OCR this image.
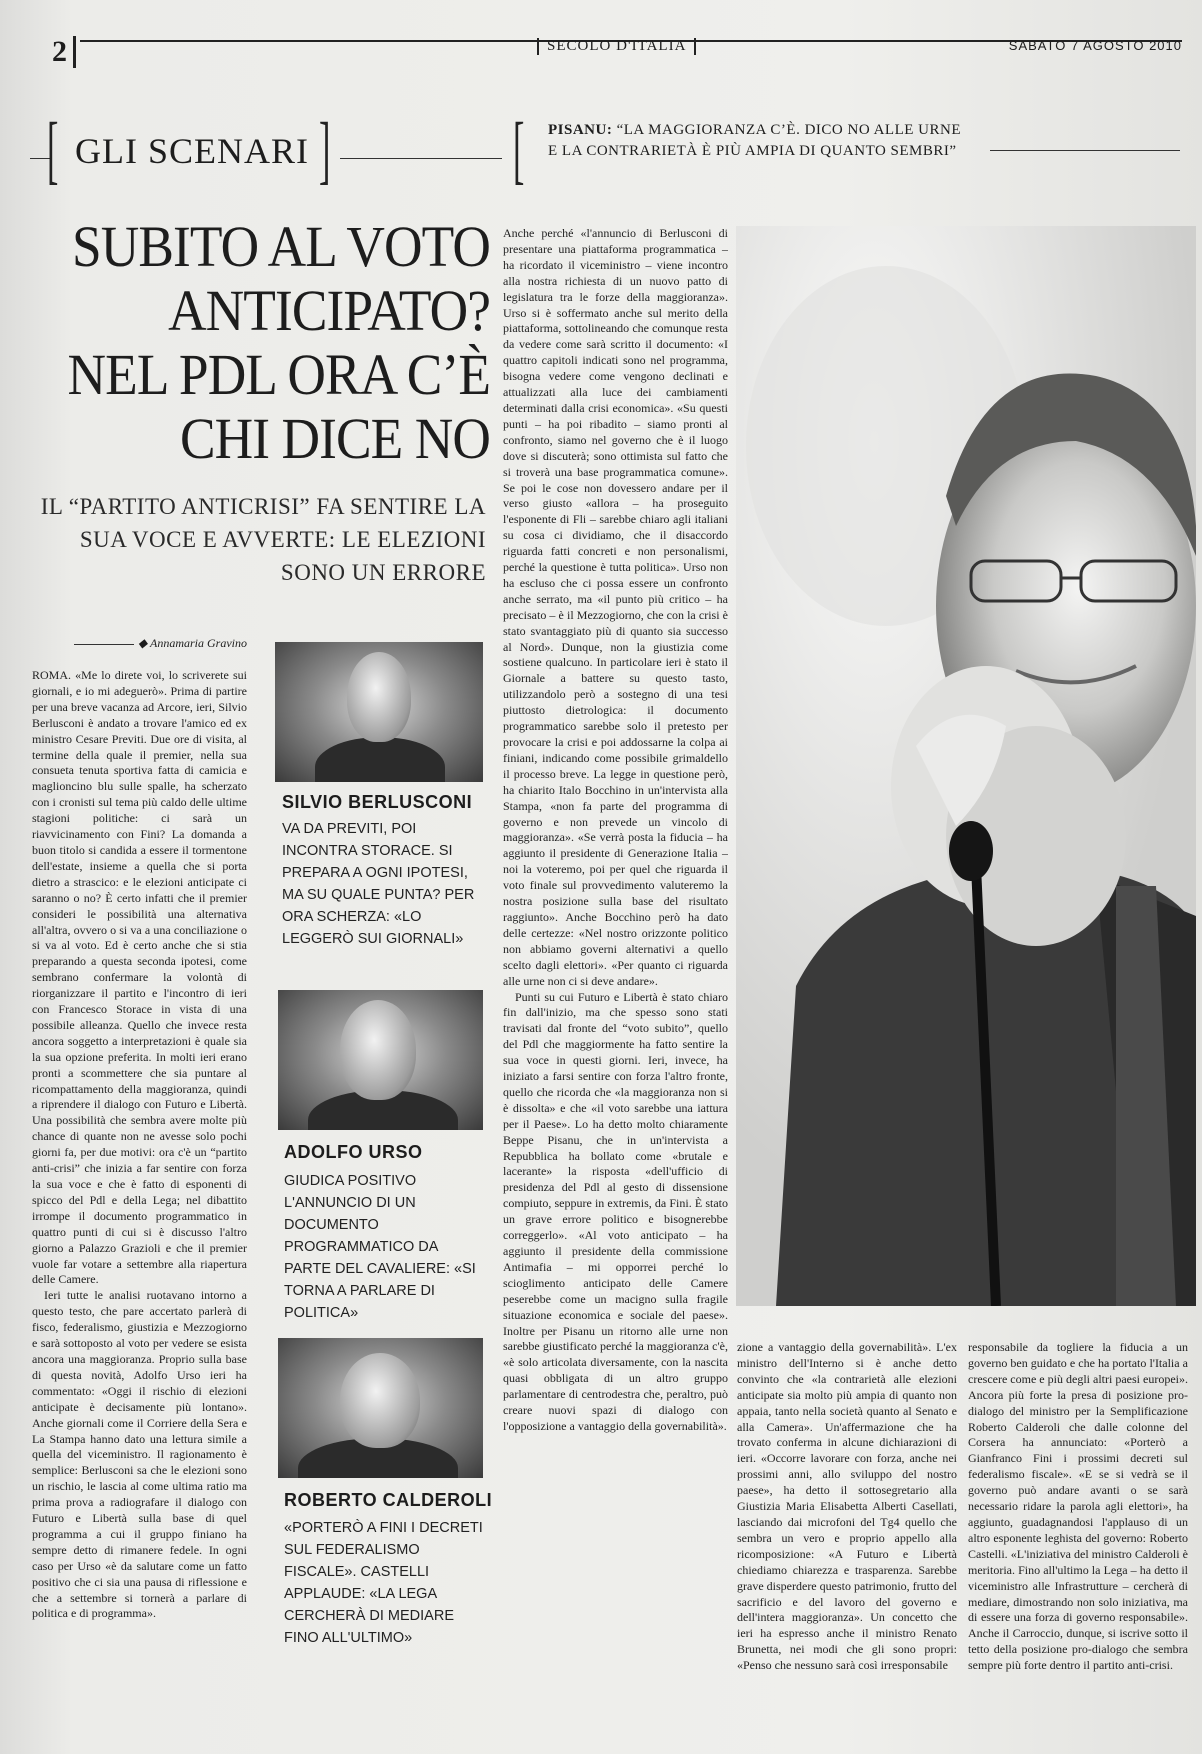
2	SECOLO D'ITALIA	SABATO 7 AGOSTO 2010
[ GLI SCENARI ] [ PISANU: “LA MAGGIORANZA C’È. DICO NO ALLE URNE
E LA CONTRARIETÀ È PIÙ AMPIA DI QUANTO SEMBRI”
SUBITO AL VOTO ANTICIPATO? NEL PDL ORA C’È CHI DICE NO
IL “PARTITO ANTICRISI” FA SENTIRE LA SUA VOCE E AVVERTE: LE ELEZIONI SONO UN ERRORE
◆ Annamaria Gravino

ROMA. «Me lo direte voi, lo scriverete sui giornali, e io mi adeguerò». Prima di partire per una breve vacanza ad Arcore, ieri, Silvio Berlusconi è andato a trovare l'amico ed ex ministro Cesare Previti. Due ore di visita, al termine della quale il premier, nella sua consueta tenuta sportiva fatta di camicia e maglioncino blu sulle spalle, ha scherzato con i cronisti sul tema più caldo delle ultime stagioni politiche: ci sarà un riavvicinamento con Fini? La domanda a buon titolo si candida a essere il tormentone dell'estate, insieme a quella che si porta dietro a strascico: e le elezioni anticipate ci saranno o no? È certo infatti che il premier consideri le possibilità una alternativa all'altra, ovvero o si va a una conciliazione o si va al voto. Ed è certo anche che si stia preparando a questa seconda ipotesi, come sembrano confermare la volontà di riorganizzare il partito e l'incontro di ieri con Francesco Storace in vista di una possibile alleanza. Quello che invece resta ancora soggetto a interpretazioni è quale sia la sua opzione preferita. In molti ieri erano pronti a scommettere che sia puntare al ricompattamento della maggioranza, quindi a riprendere il dialogo con Futuro e Libertà. Una possibilità che sembra avere molte più chance di quante non ne avesse solo pochi giorni fa, per due motivi: ora c'è un “partito anti-crisi” che inizia a far sentire con forza la sua voce e che è fatto di esponenti di spicco del Pdl e della Lega; nel dibattito irrompe il documento programmatico in quattro punti di cui si è discusso l'altro giorno a Palazzo Grazioli e che il premier vuole far votare a settembre alla riapertura delle Camere.

Ieri tutte le analisi ruotavano intorno a questo testo, che pare accertato parlerà di fisco, federalismo, giustizia e Mezzogiorno e sarà sottoposto al voto per vedere se esista ancora una maggioranza. Proprio sulla base di questa novità, Adolfo Urso ieri ha commentato: «Oggi il rischio di elezioni anticipate è decisamente più lontano». Anche giornali come il Corriere della Sera e La Stampa hanno dato una lettura simile a quella del viceministro. Il ragionamento è semplice: Berlusconi sa che le elezioni sono un rischio, le lascia al come ultima ratio ma prima prova a radiografare il dialogo con Futuro e Libertà sulla base di quel programma a cui il gruppo finiano ha sempre detto di rimanere fedele. In ogni caso per Urso «è da salutare come un fatto positivo che ci sia una pausa di riflessione e che a settembre si tornerà a parlare di politica e di programma».

SILVIO BERLUSCONI
VA DA PREVITI, POI INCONTRA STORACE. SI PREPARA A OGNI IPOTESI, MA SU QUALE PUNTA? PER ORA SCHERZA: «LO LEGGERÒ SUI GIORNALI»
ADOLFO URSO
GIUDICA POSITIVO L'ANNUNCIO DI UN DOCUMENTO PROGRAMMATICO DA PARTE DEL CAVALIERE: «SI TORNA A PARLARE DI POLITICA»
ROBERTO CALDEROLI
«PORTERÒ A FINI I DECRETI SUL FEDERALISMO FISCALE». CASTELLI APPLAUDE: «LA LEGA CERCHERÀ DI MEDIARE FINO ALL'ULTIMO»

Anche perché «l'annuncio di Berlusconi di presentare una piattaforma programmatica – ha ricordato il viceministro – viene incontro alla nostra richiesta di un nuovo patto di legislatura tra le forze della maggioranza». Urso si è soffermato anche sul merito della piattaforma, sottolineando che comunque resta da vedere come sarà scritto il documento: «I quattro capitoli indicati sono nel programma, bisogna vedere come vengono declinati e attualizzati alla luce dei cambiamenti determinati dalla crisi economica». «Su questi punti – ha poi ribadito – siamo pronti al confronto, siamo nel governo che è il luogo dove si discuterà; sono ottimista sul fatto che si troverà una base programmatica comune». Se poi le cose non dovessero andare per il verso giusto «allora – ha proseguito l'esponente di Fli – sarebbe chiaro agli italiani su cosa ci dividiamo, che il disaccordo riguarda fatti concreti e non personalismi, perché la questione è tutta politica». Urso non ha escluso che ci possa essere un confronto anche serrato, ma «il punto più critico – ha precisato – è il Mezzogiorno, che con la crisi è stato svantaggiato più di quanto sia successo al Nord». Dunque, non la giustizia come sostiene qualcuno. In particolare ieri è stato il Giornale a battere su questo tasto, utilizzandolo però a sostegno di una tesi piuttosto dietrologica: il documento programmatico sarebbe solo il pretesto per provocare la crisi e poi addossarne la colpa ai finiani, indicando come possibile grimaldello il processo breve. La legge in questione però, ha chiarito Italo Bocchino in un'intervista alla Stampa, «non fa parte del programma di governo e non prevede un vincolo di maggioranza». «Se verrà posta la fiducia – ha aggiunto il presidente di Generazione Italia – noi la voteremo, poi per quel che riguarda il voto finale sul provvedimento valuteremo la nostra posizione sulla base del risultato raggiunto». Anche Bocchino però ha dato delle certezze: «Nel nostro orizzonte politico non abbiamo governi alternativi a quello scelto dagli elettori». «Per quanto ci riguarda alle urne non ci si deve andare».

Punti su cui Futuro e Libertà è stato chiaro fin dall'inizio, ma che spesso sono stati travisati dal fronte del “voto subito”, quello del Pdl che maggiormente ha fatto sentire la sua voce in questi giorni. Ieri, invece, ha iniziato a farsi sentire con forza l'altro fronte, quello che ricorda che «la maggioranza non si è dissolta» e che «il voto sarebbe una iattura per il Paese». Lo ha detto molto chiaramente Beppe Pisanu, che in un'intervista a Repubblica ha bollato come «brutale e lacerante» la risposta «dell'ufficio di presidenza del Pdl al gesto di dissensione compiuto, seppure in extremis, da Fini. È stato un grave errore politico e bisognerebbe correggerlo». «Al voto anticipato – ha aggiunto il presidente della commissione Antimafia – mi opporrei perché lo scioglimento anticipato delle Camere peserebbe come un macigno sulla fragile situazione economica e sociale del paese». Inoltre per Pisanu un ritorno alle urne non sarebbe giustificato perché la maggioranza c'è, «è solo articolata diversamente, con la nascita quasi obbligata di un altro gruppo parlamentare di centrodestra che, peraltro, può creare nuovi spazi di dialogo con l'opposizione a vantaggio della governabilità».

zione a vantaggio della governabilità». L'ex ministro dell'Interno si è anche detto convinto che «la contrarietà alle elezioni anticipate sia molto più ampia di quanto non appaia, tanto nella società quanto al Senato e alla Camera». Un'affermazione che ha trovato conferma in alcune dichiarazioni di ieri. «Occorre lavorare con forza, anche nei prossimi anni, allo sviluppo del nostro paese», ha detto il sottosegretario alla Giustizia Maria Elisabetta Alberti Casellati, lasciando dai microfoni del Tg4 quello che sembra un vero e proprio appello alla ricomposizione: «A Futuro e Libertà chiediamo chiarezza e trasparenza. Sarebbe grave disperdere questo patrimonio, frutto del sacrificio e del lavoro del governo e dell'intera maggioranza». Un concetto che ieri ha espresso anche il ministro Renato Brunetta, nei modi che gli sono propri: «Penso che nessuno sarà così irresponsabile

responsabile da togliere la fiducia a un governo ben guidato e che ha portato l'Italia a crescere come e più degli altri paesi europei». Ancora più forte la presa di posizione pro-dialogo del ministro per la Semplificazione Roberto Calderoli che dalle colonne del Corsera ha annunciato: «Porterò a Gianfranco Fini i prossimi decreti sul federalismo fiscale». «E se si vedrà se il governo può andare avanti o se sarà necessario ridare la parola agli elettori», ha aggiunto, guadagnandosi l'applauso di un altro esponente leghista del governo: Roberto Castelli. «L'iniziativa del ministro Calderoli è meritoria. Fino all'ultimo la Lega – ha detto il viceministro alle Infrastrutture – cercherà di mediare, dimostrando non solo iniziativa, ma di essere una forza di governo responsabile». Anche il Carroccio, dunque, si iscrive sotto il tetto della posizione pro-dialogo che sembra sempre più forte dentro il partito anti-crisi.
